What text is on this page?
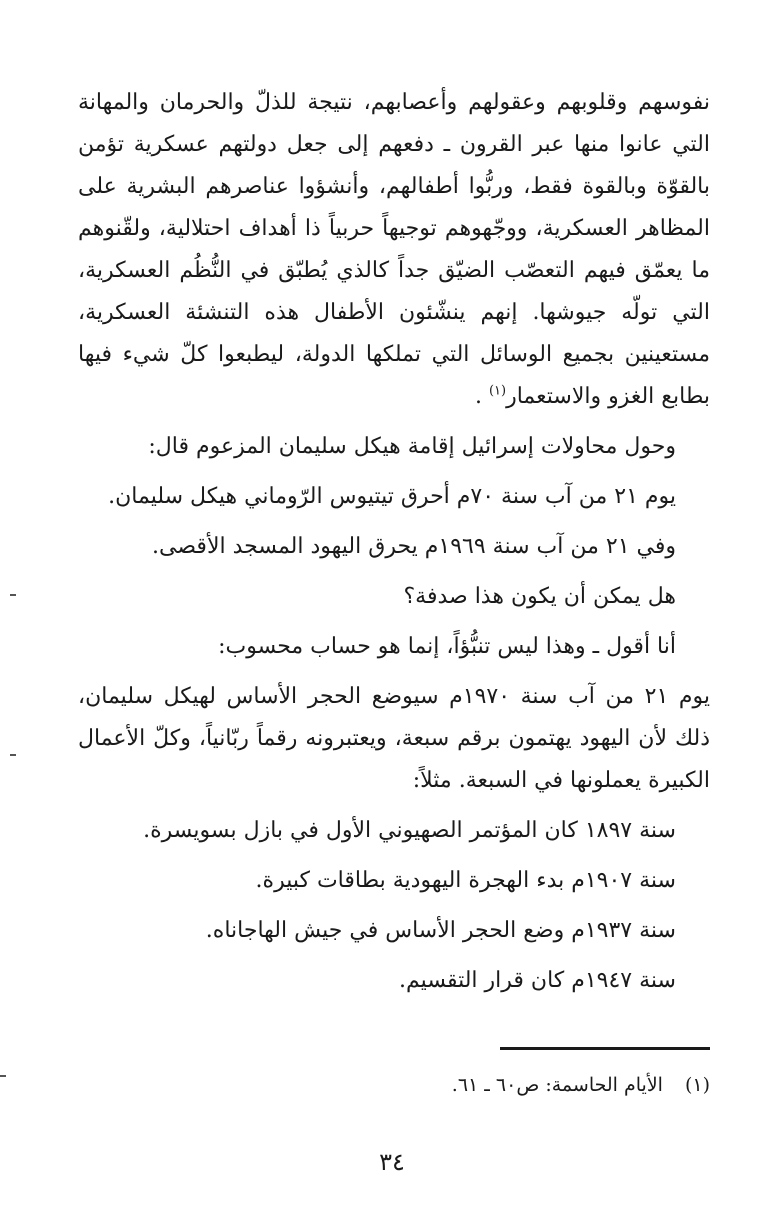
نفوسهم وقلوبهم وعقولهم وأعصابهم، نتيجة للذلّ والحرمان والمهانة التي عانوا منها عبر القرون ـ دفعهم إلى جعل دولتهم عسكرية تؤمن بالقوّة وبالقوة فقط، وربُّوا أطفالهم، وأنشؤوا عناصرهم البشرية على المظاهر العسكرية، ووجّهوهم توجيهاً حربياً ذا أهداف احتلالية، ولقّنوهم ما يعمّق فيهم التعصّب الضيّق جداً كالذي يُطبّق في النُّظُم العسكرية، التي تولّه جيوشها. إنهم ينشّئون الأطفال هذه التنشئة العسكرية، مستعينين بجميع الوسائل التي تملكها الدولة، ليطبعوا كلّ شيء فيها بطابع الغزو والاستعمار$^{(١)}$ .

وحول محاولات إسرائيل إقامة هيكل سليمان المزعوم قال:

يوم ٢١ من آب سنة ٧٠م أحرق تيتيوس الرّوماني هيكل سليمان.

وفي ٢١ من آب سنة ١٩٦٩م يحرق اليهود المسجد الأقصى.

هل يمكن أن يكون هذا صدفة؟

أنا أقول ـ وهذا ليس تنبُّؤاً، إنما هو حساب محسوب:

يوم ٢١ من آب سنة ١٩٧٠م سيوضع الحجر الأساس لهيكل سليمان، ذلك لأن اليهود يهتمون برقم سبعة، ويعتبرونه رقماً ربّانياً، وكلّ الأعمال الكبيرة يعملونها في السبعة. مثلاً:

سنة ١٨٩٧ كان المؤتمر الصهيوني الأول في بازل بسويسرة.

سنة ١٩٠٧م بدء الهجرة اليهودية بطاقات كبيرة.

سنة ١٩٣٧م وضع الحجر الأساس في جيش الهاجاناه.

سنة ١٩٤٧م كان قرار التقسيم.

(١)الأيام الحاسمة: ص٦٠ ـ ٦١.
٣٤
